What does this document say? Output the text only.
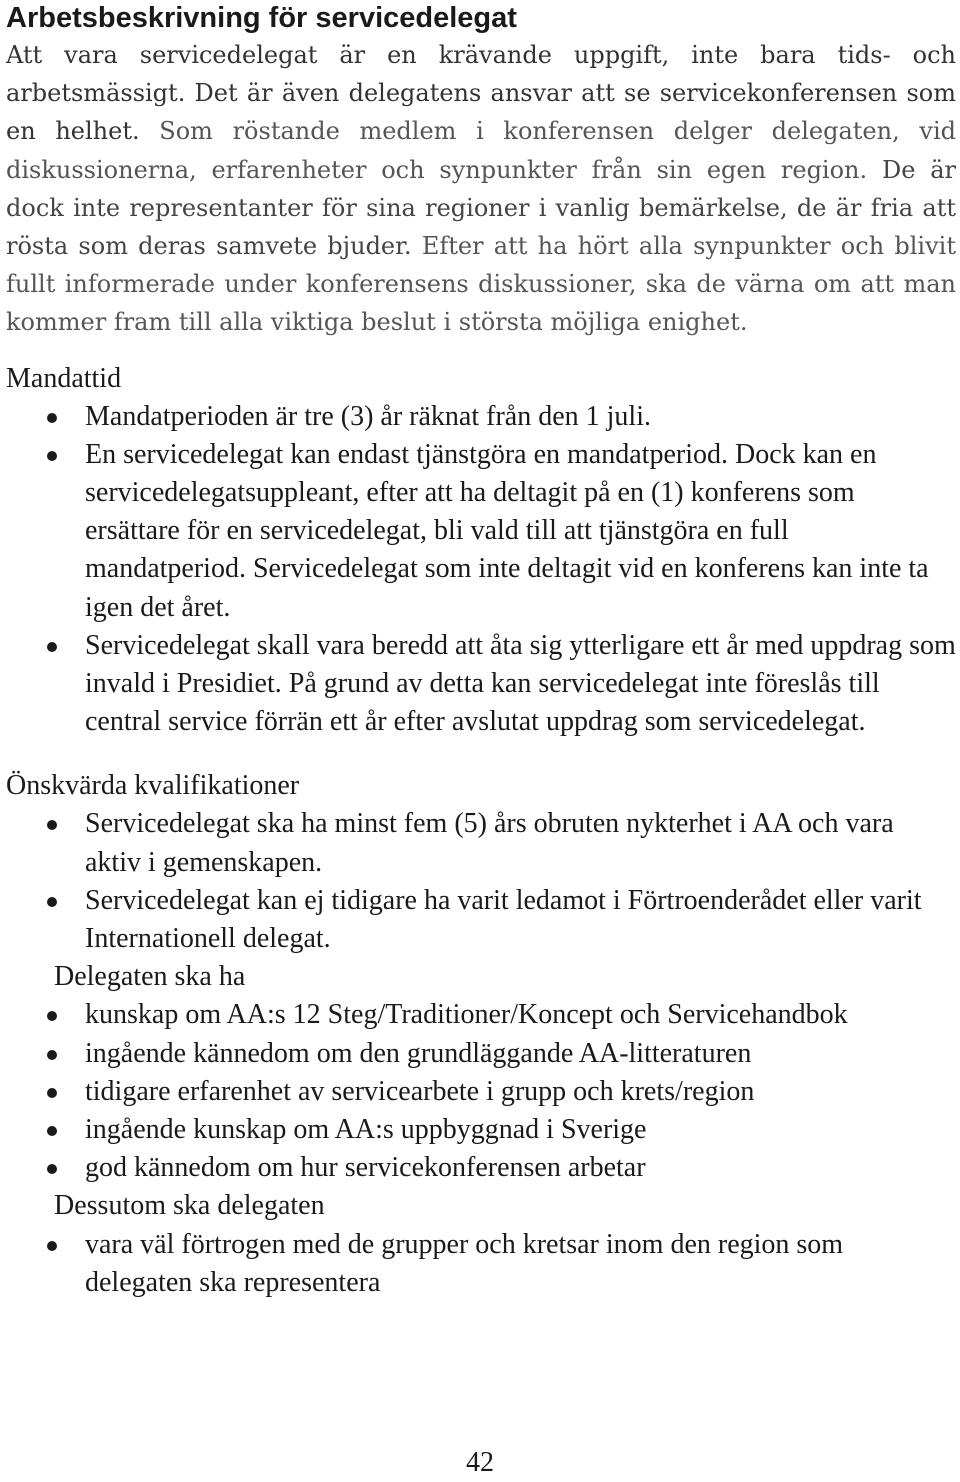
Arbetsbeskrivning för servicedelegat

Att vara servicedelegat är en krävande uppgift, inte bara tids- och arbetsmässigt. Det är även delegatens ansvar att se servicekonferensen som en helhet. Som röstande medlem i konferensen delger delegaten, vid diskussionerna, erfarenheter och synpunkter från sin egen region. De är dock inte representanter för sina regioner i vanlig bemärkelse, de är fria att rösta som deras samvete bjuder. Efter att ha hört alla synpunkter och blivit fullt informerade under konferensens diskussioner, ska de värna om att man kommer fram till alla viktiga beslut i största möjliga enighet.

Mandattid
Mandatperioden är tre (3) år räknat från den 1 juli.
En servicedelegat kan endast tjänstgöra en mandatperiod. Dock kan en servicedelegatsuppleant, efter att ha deltagit på en (1) konferens som ersättare för en servicedelegat, bli vald till att tjänstgöra en full mandatperiod. Servicedelegat som inte deltagit vid en konferens kan inte ta igen det året.
Servicedelegat skall vara beredd att åta sig ytterligare ett år med uppdrag som invald i Presidiet. På grund av detta kan servicedelegat inte föreslås till central service förrän ett år efter avslutat uppdrag som servicedelegat.
Önskvärda kvalifikationer
Servicedelegat ska ha minst fem (5) års obruten nykterhet i AA och vara aktiv i gemenskapen.
Servicedelegat kan ej tidigare ha varit ledamot i Förtroenderådet eller varit Internationell delegat.
Delegaten ska ha
kunskap om AA:s 12 Steg/Traditioner/Koncept och Servicehandbok
ingående kännedom om den grundläggande AA-litteraturen
tidigare erfarenhet av servicearbete i grupp och krets/region
ingående kunskap om AA:s uppbyggnad i Sverige
god kännedom om hur servicekonferensen arbetar
Dessutom ska delegaten
vara väl förtrogen med de grupper och kretsar inom den region som delegaten ska representera
42
